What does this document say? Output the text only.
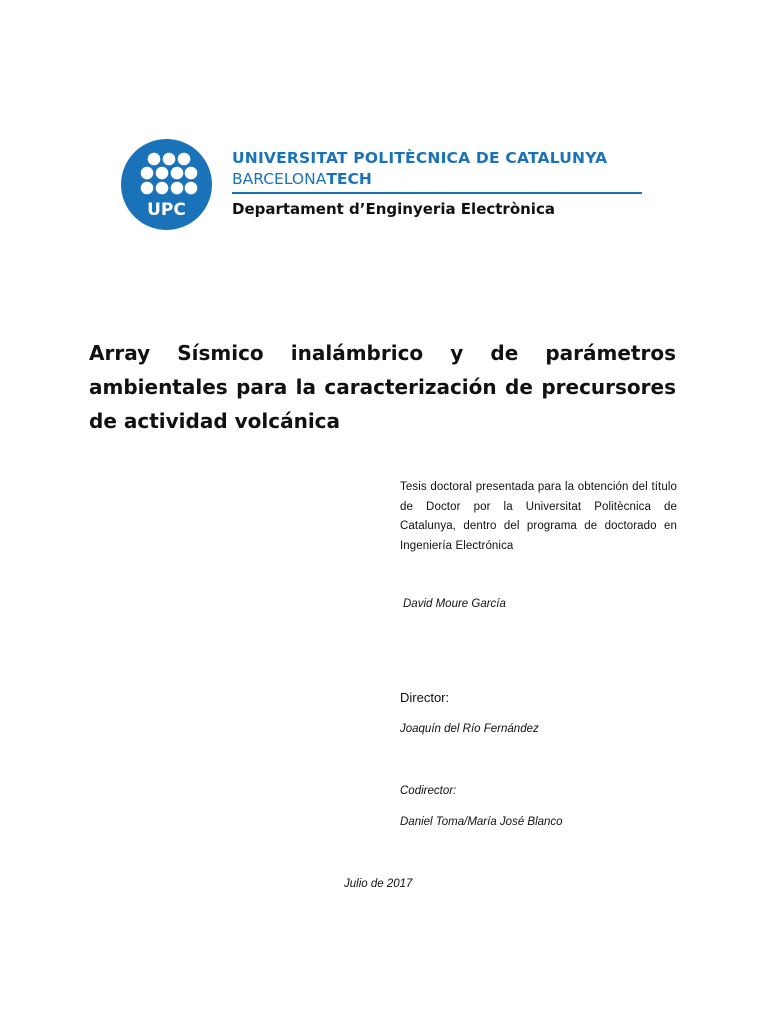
UPC
UNIVERSITAT POLITÈCNICA DE CATALUNYA
BARCELONATECH
Departament d’Enginyeria Electrònica
Array Sísmico inalámbrico y de parámetros ambientales para la caracterización de precursores de actividad volcánica
Tesis doctoral presentada para la obtención del título de Doctor por la Universitat Politècnica de Catalunya, dentro del programa de doctorado en Ingeniería Electrónica
David Moure García
Director:
Joaquín del Río Fernández
Codirector:
Daniel Toma/María José Blanco
Julio de 2017
